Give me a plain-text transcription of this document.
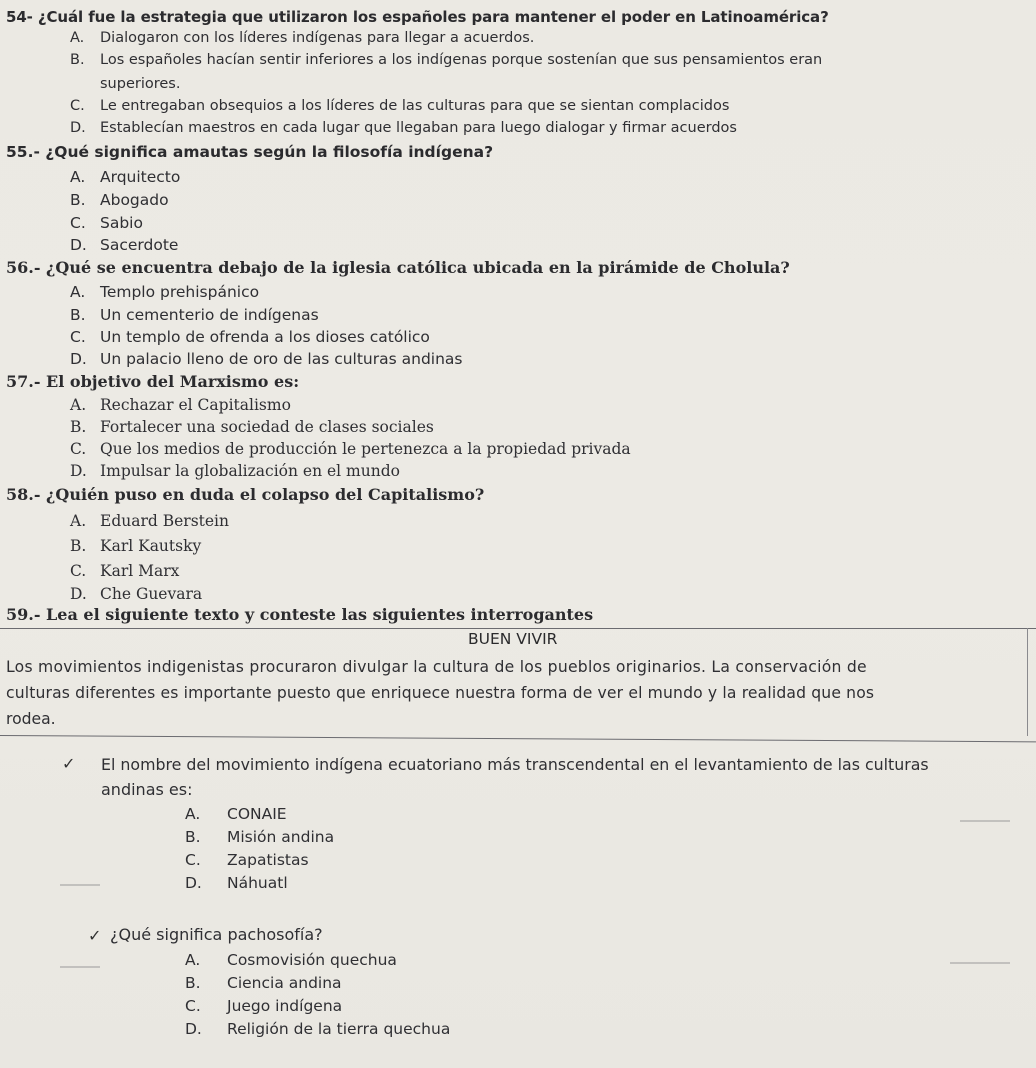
54- ¿Cuál fue la estrategia que utilizaron los españoles para mantener el poder en Latinoamérica?
A. Dialogaron con los líderes indígenas para llegar a acuerdos.
B. Los españoles hacían sentir inferiores a los indígenas porque sostenían que sus pensamientos eran
superiores.
C. Le entregaban obsequios a los líderes de las culturas para que se sientan complacidos
D. Establecían maestros en cada lugar que llegaban para luego dialogar y firmar acuerdos
55.- ¿Qué significa amautas según la filosofía indígena?
A. Arquitecto
B. Abogado
C. Sabio
D. Sacerdote
56.- ¿Qué se encuentra debajo de la iglesia católica ubicada en la pirámide de Cholula?
A. Templo prehispánico
B. Un cementerio de indígenas
C. Un templo de ofrenda a los dioses católico
D. Un palacio lleno de oro de las culturas andinas
57.- El objetivo del Marxismo es:
A. Rechazar el Capitalismo
B. Fortalecer una sociedad de clases sociales
C. Que los medios de producción le pertenezca a la propiedad privada
D. Impulsar la globalización en el mundo
58.- ¿Quién puso en duda el colapso del Capitalismo?
A. Eduard Berstein
B. Karl Kautsky
C. Karl Marx
D. Che Guevara
59.- Lea el siguiente texto y conteste las siguientes interrogantes
BUEN VIVIR
Los movimientos indigenistas procuraron divulgar la cultura de los pueblos originarios. La conservación de
culturas diferentes es importante puesto que enriquece nuestra forma de ver el mundo y la realidad que nos
rodea.
✓ El nombre del movimiento indígena ecuatoriano más transcendental en el levantamiento de las culturas
andinas es:
A. CONAIE
B. Misión andina
C. Zapatistas
D. Náhuatl
✓ ¿Qué significa pachosofía?
A. Cosmovisión quechua
B. Ciencia andina
C. Juego indígena
D. Religión de la tierra quechua
